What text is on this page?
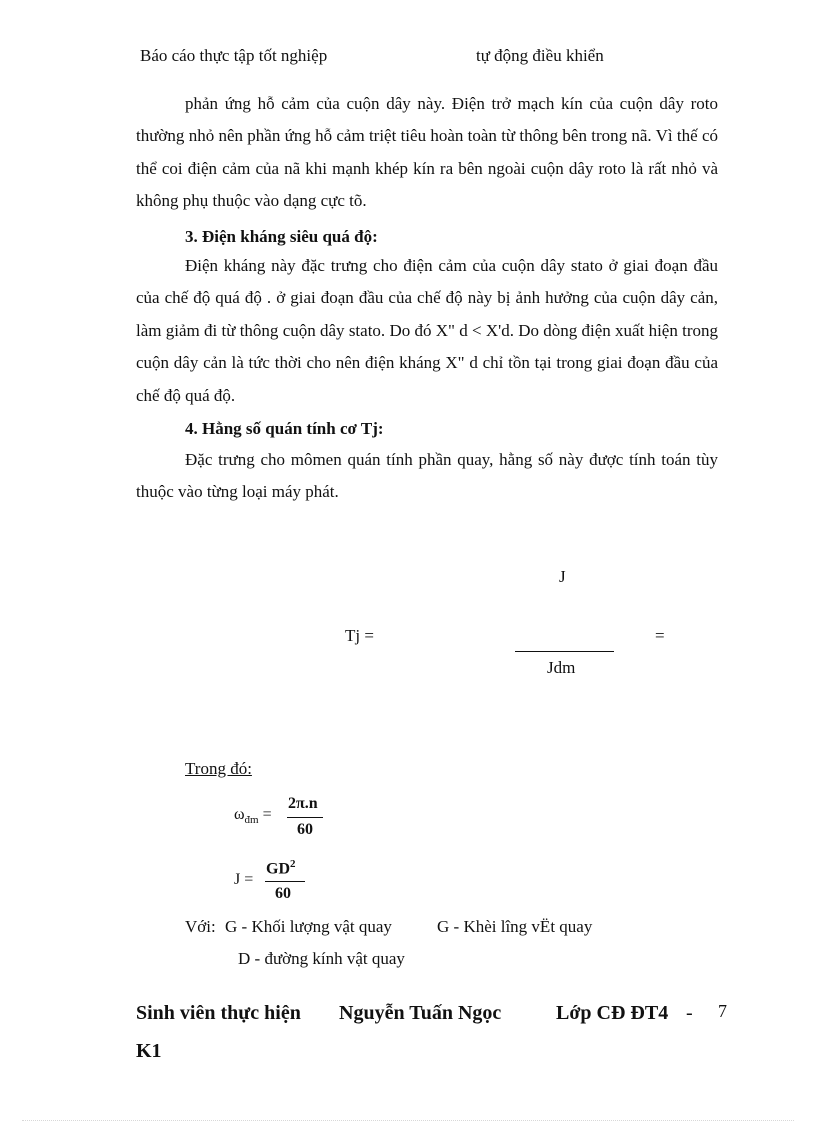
Báo cáo thực tập tốt nghiệp	tự động điều khiển
phản ứng hỗ cảm của cuộn dây này. Điện trở mạch kín của cuộn dây roto thường nhỏ nên phần ứng hỗ cảm triệt tiêu hoàn toàn từ thông bên trong nã. Vì thế có thể coi điện cảm của nã khi mạnh khép kín ra bên ngoài cuộn dây roto là rất nhỏ và không phụ thuộc vào dạng cực tõ.
3. Điện kháng siêu quá độ:
Điện kháng này đặc trưng cho điện cảm của cuộn dây stato ở giai đoạn đầu của chế độ quá độ . ở giai đoạn đầu của chế độ này bị ảnh hưởng của cuộn dây cản, làm giảm đi từ thông cuộn dây stato. Do đó X" d < X'd. Do dòng điện xuất hiện trong cuộn dây cản là tức thời cho nên điện kháng X" d chỉ tồn tại trong giai đoạn đầu của chế độ quá độ.
4. Hằng số quán tính cơ Tj:
Đặc trưng cho mômen quán tính phần quay, hằng số này được tính toán tùy thuộc vào từng loại máy phát.
Tj =
J
Jdm
=
Trong đó:
$\omega_{đm}$ =
2π.n
60
J =
$GD^2$
60
Với: G - Khối lượng vật quay	G - Khèi lîng vËt quay
D - đường kính vật quay
Sinh viên thực hiện Nguyễn Tuấn Ngọc	Lớp CĐ ĐT4 -
K1
7
